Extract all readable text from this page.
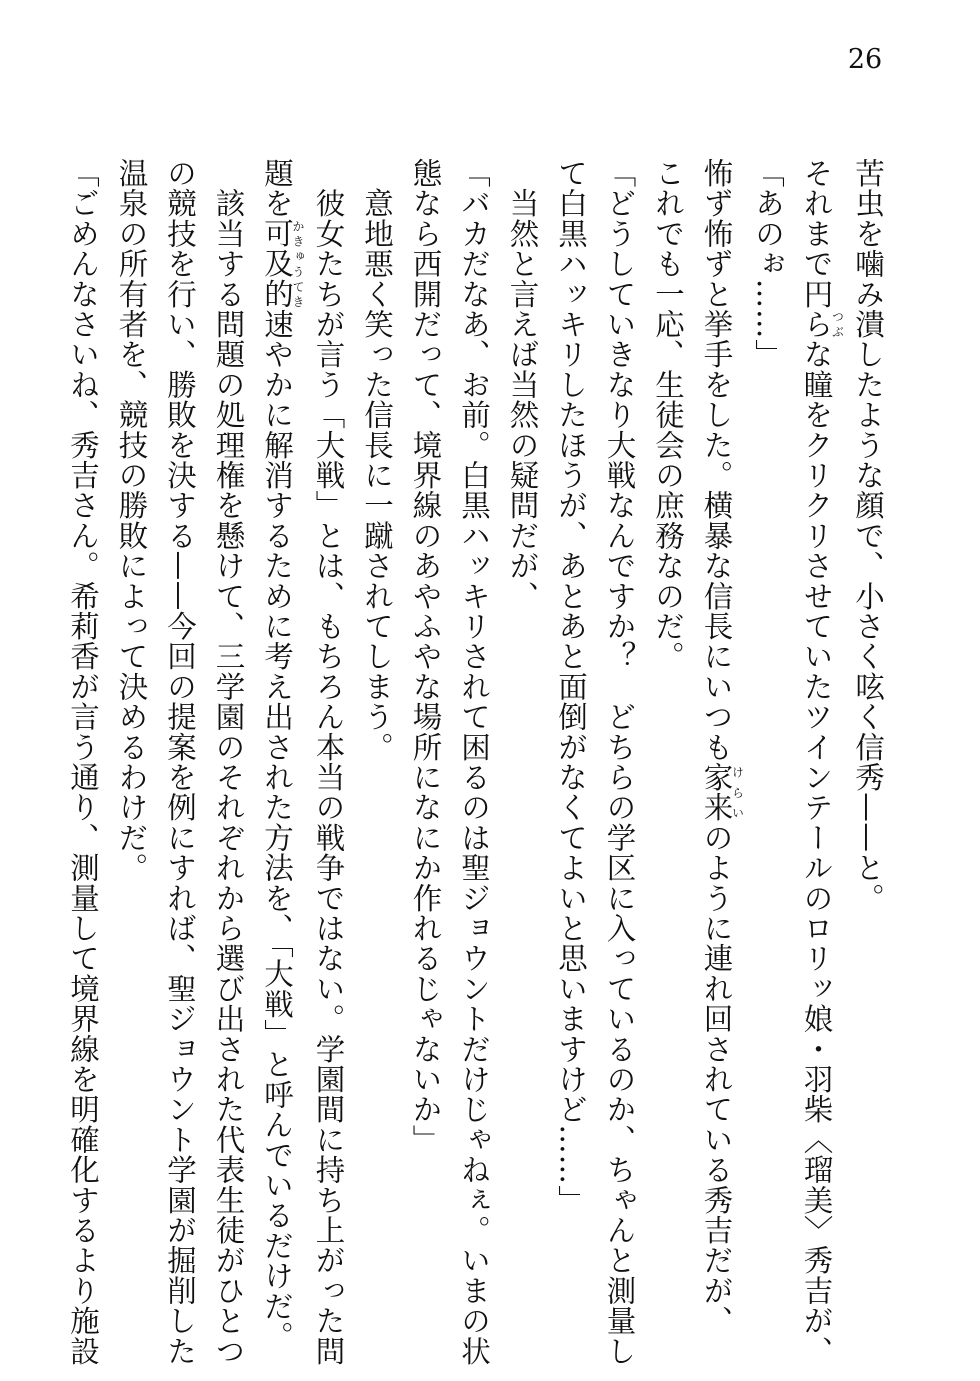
26
苦虫を噛み潰したような顔で、小さく呟く信秀——と。
それまで円らつぶな瞳をクリクリさせていたツインテールのロリッ娘・羽柴〈瑠美〉秀吉が、
「あのぉ……」
怖ず怖ずと挙手をした。横暴な信長にいつも家来けらいのように連れ回されている秀吉だが、
これでも一応、生徒会の庶務なのだ。
「どうしていきなり大戦なんですか？　どちらの学区に入っているのか、ちゃんと測量し
て白黒ハッキリしたほうが、あとあと面倒がなくてよいと思いますけど……」
　当然と言えば当然の疑問だが、
「バカだなあ、お前。白黒ハッキリされて困るのは聖ジョウントだけじゃねぇ。いまの状
態なら西開だって、境界線のあやふやな場所になにか作れるじゃないか」
　意地悪く笑った信長に一蹴されてしまう。
　彼女たちが言う「大戦」とは、もちろん本当の戦争ではない。学園間に持ち上がった問
題を可及的かきゅうてき速やかに解消するために考え出された方法を、「大戦」と呼んでいるだけだ。
　該当する問題の処理権を懸けて、三学園のそれぞれから選び出された代表生徒がひとつ
の競技を行い、勝敗を決する——今回の提案を例にすれば、聖ジョウント学園が掘削した
温泉の所有者を、競技の勝敗によって決めるわけだ。
「ごめんなさいね、秀吉さん。希莉香が言う通り、測量して境界線を明確化するより施設
